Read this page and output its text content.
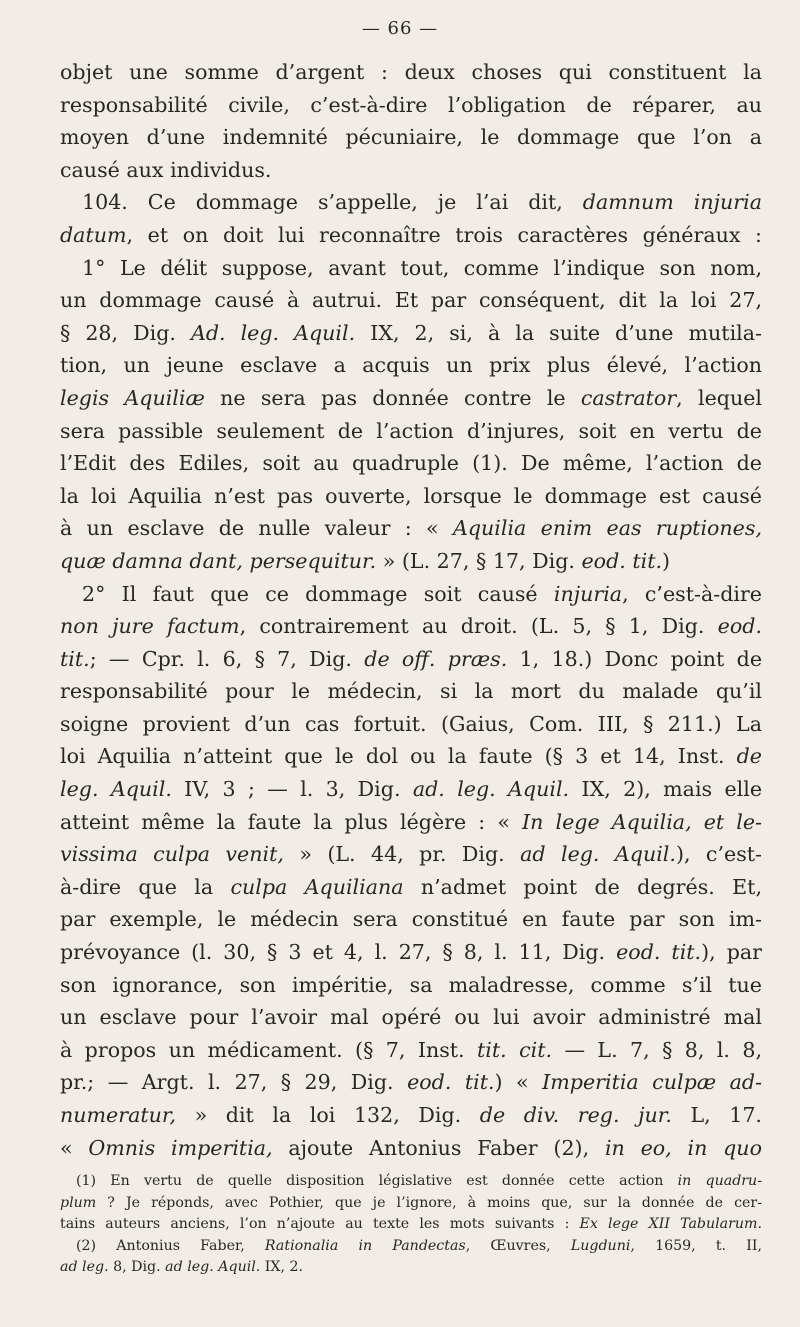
— 66 —

objet une somme d’argent : deux choses qui constituent la

responsabilité civile, c’est-à-dire l’obligation de réparer, au

moyen d’une indemnité pécuniaire, le dommage que l’on a

causé aux individus.

104. Ce dommage s’appelle, je l’ai dit, damnum injuria

datum, et on doit lui reconnaître trois caractères généraux :

1° Le délit suppose, avant tout, comme l’indique son nom,

un dommage causé à autrui. Et par conséquent, dit la loi 27,

§ 28, Dig. Ad. leg. Aquil. IX, 2, si, à la suite d’une mutila-

tion, un jeune esclave a acquis un prix plus élevé, l’action

legis Aquiliæ ne sera pas donnée contre le castrator, lequel

sera passible seulement de l’action d’injures, soit en vertu de

l’Edit des Ediles, soit au quadruple (1). De même, l’action de

la loi Aquilia n’est pas ouverte, lorsque le dommage est causé

à un esclave de nulle valeur : « Aquilia enim eas ruptiones,

quæ damna dant, persequitur. » (L. 27, § 17, Dig. eod. tit.)

2° Il faut que ce dommage soit causé injuria, c’est-à-dire

non jure factum, contrairement au droit. (L. 5, § 1, Dig. eod.

tit.; — Cpr. l. 6, § 7, Dig. de off. præs. 1, 18.) Donc point de

responsabilité pour le médecin, si la mort du malade qu’il

soigne provient d’un cas fortuit. (Gaius, Com. III, § 211.) La

loi Aquilia n’atteint que le dol ou la faute (§ 3 et 14, Inst. de

leg. Aquil. IV, 3 ; — l. 3, Dig. ad. leg. Aquil. IX, 2), mais elle

atteint même la faute la plus légère : « In lege Aquilia, et le-

vissima culpa venit, » (L. 44, pr. Dig. ad leg. Aquil.), c’est-

à-dire que la culpa Aquiliana n’admet point de degrés. Et,

par exemple, le médecin sera constitué en faute par son im-

prévoyance (l. 30, § 3 et 4, l. 27, § 8, l. 11, Dig. eod. tit.), par

son ignorance, son impéritie, sa maladresse, comme s’il tue

un esclave pour l’avoir mal opéré ou lui avoir administré mal

à propos un médicament. (§ 7, Inst. tit. cit. — L. 7, § 8, l. 8,

pr.; — Argt. l. 27, § 29, Dig. eod. tit.) « Imperitia culpæ ad-

numeratur, » dit la loi 132, Dig. de div. reg. jur. L, 17.

« Omnis imperitia, ajoute Antonius Faber (2), in eo, in quo

(1) En vertu de quelle disposition législative est donnée cette action in quadru-

plum ? Je réponds, avec Pothier, que je l’ignore, à moins que, sur la donnée de cer-

tains auteurs anciens, l’on n’ajoute au texte les mots suivants : Ex lege XII Tabularum.

(2) Antonius Faber, Rationalia in Pandectas, Œuvres, Lugduni, 1659, t. II,

ad leg. 8, Dig. ad leg. Aquil. IX, 2.
